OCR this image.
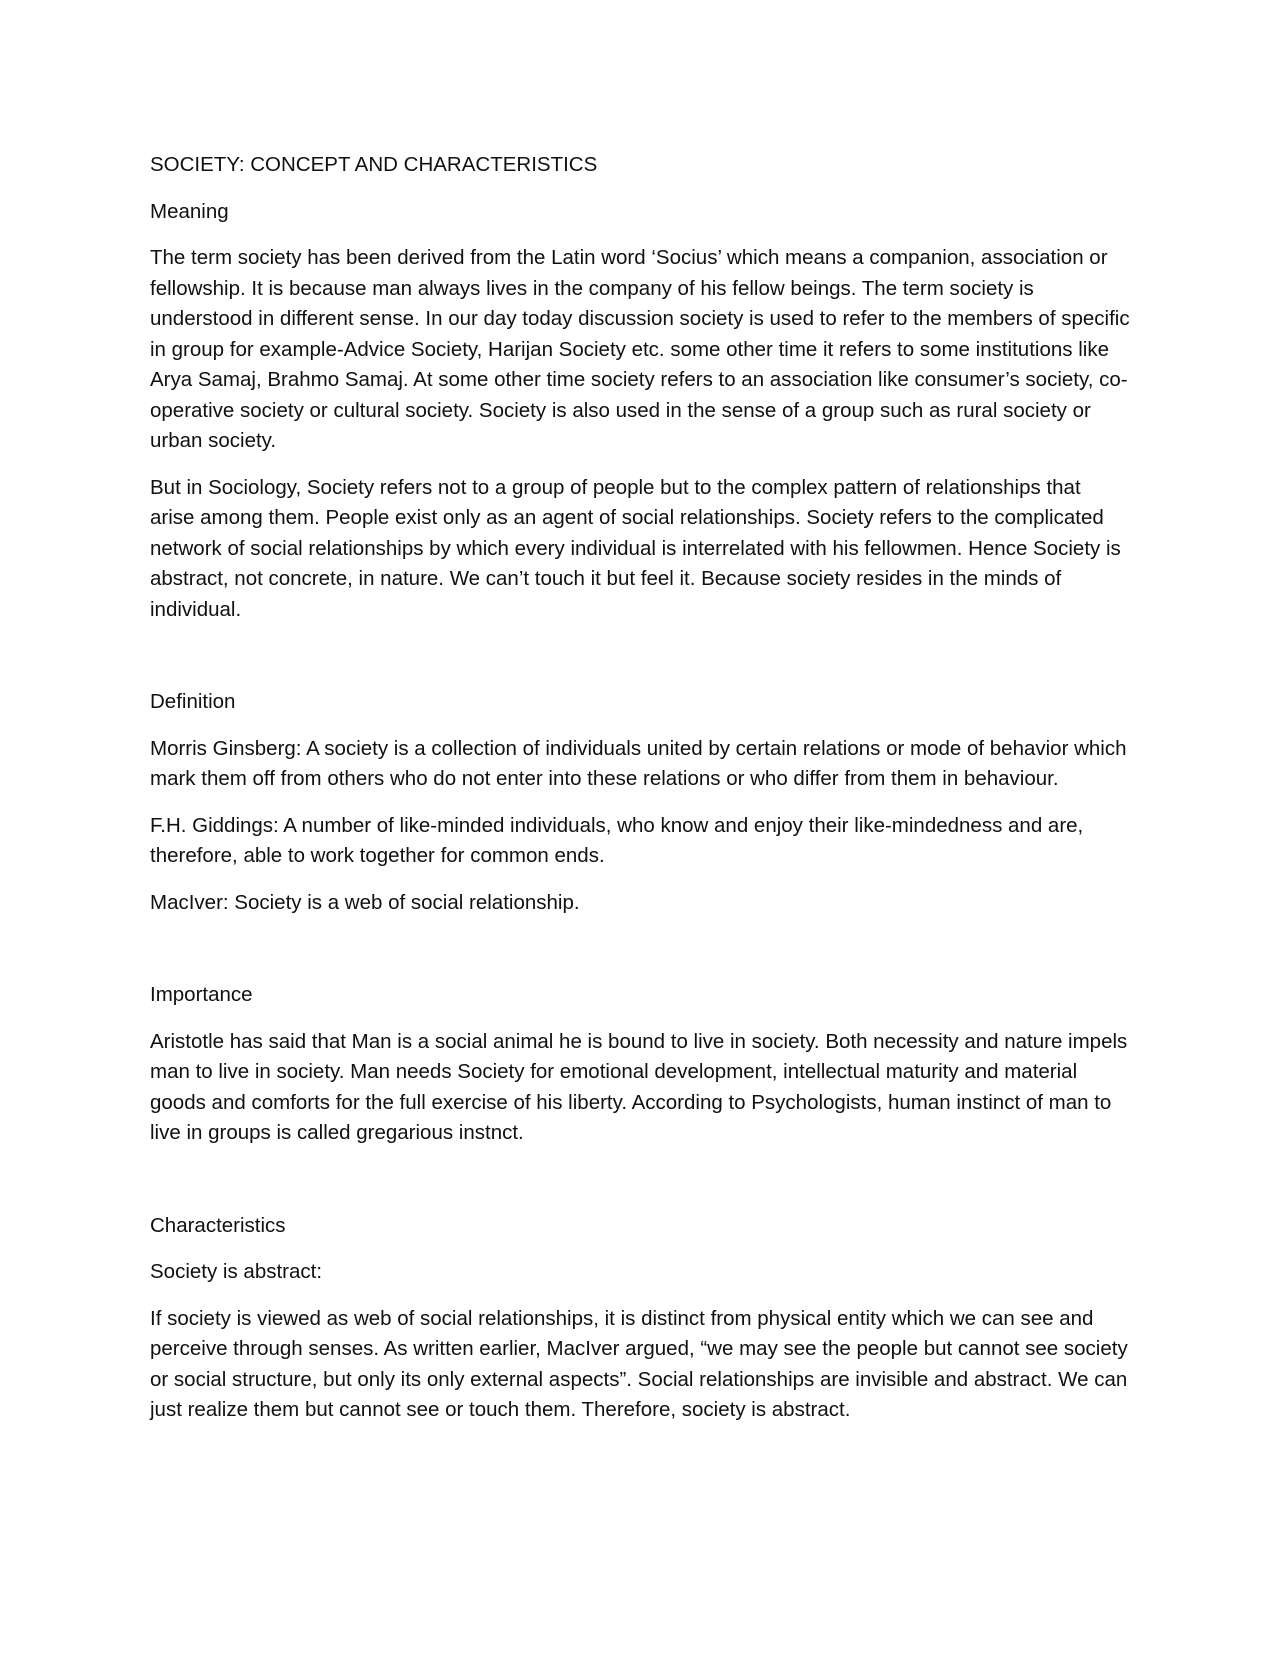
SOCIETY: CONCEPT AND CHARACTERISTICS
Meaning

The term society has been derived from the Latin word ‘Socius’ which means a companion, association or fellowship. It is because man always lives in the company of his fellow beings. The term society is understood in different sense. In our day today discussion society is used to refer to the members of specific in group for example-Advice Society, Harijan Society etc. some other time it refers to some institutions like Arya Samaj, Brahmo Samaj. At some other time society refers to an association like consumer’s society, co-operative society or cultural society. Society is also used in the sense of a group such as rural society or urban society.

But in Sociology, Society refers not to a group of people but to the complex pattern of relationships that arise among them. People exist only as an agent of social relationships. Society refers to the complicated network of social relationships by which every individual is interrelated with his fellowmen. Hence Society is abstract, not concrete, in nature. We can’t touch it but feel it. Because society resides in the minds of individual.

Definition

Morris Ginsberg: A society is a collection of individuals united by certain relations or mode of behavior which mark them off from others who do not enter into these relations or who differ from them in behaviour.

F.H. Giddings: A number of like-minded individuals, who know and enjoy their like-mindedness and are, therefore, able to work together for common ends.

MacIver: Society is a web of social relationship.

Importance

Aristotle has said that Man is a social animal he is bound to live in society. Both necessity and nature impels man to live in society. Man needs Society for emotional development, intellectual maturity and material goods and comforts for the full exercise of his liberty. According to Psychologists, human instinct of man to live in groups is called gregarious instnct.

Characteristics
Society is abstract:

If society is viewed as web of social relationships, it is distinct from physical entity which we can see and perceive through senses. As written earlier, MacIver argued, “we may see the people but cannot see society or social structure, but only its only external aspects”. Social relationships are invisible and abstract. We can just realize them but cannot see or touch them. Therefore, society is abstract.
